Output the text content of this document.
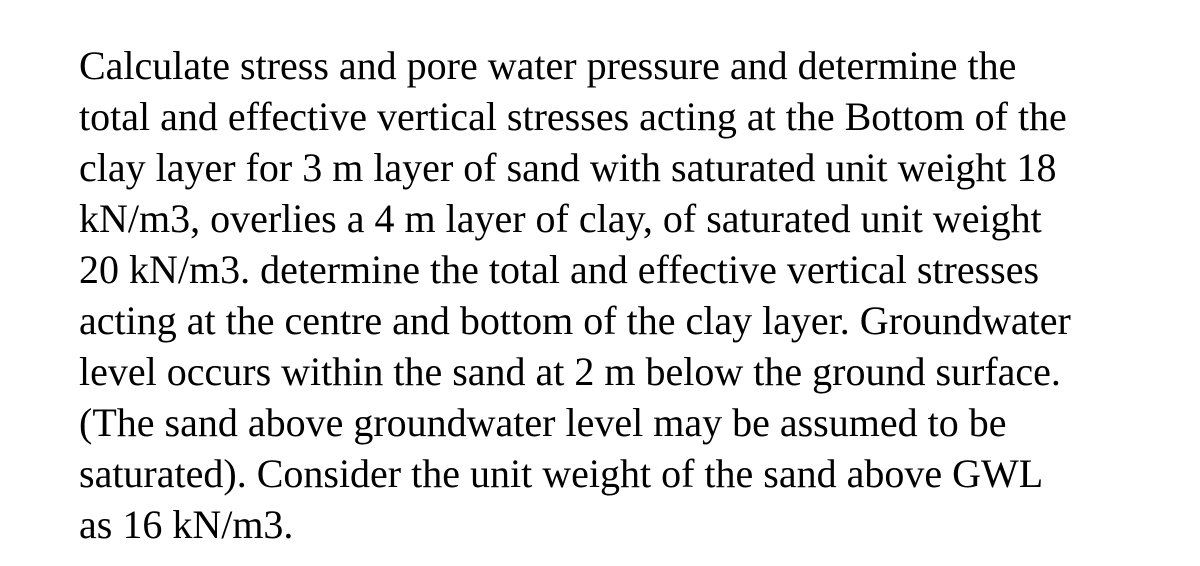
Calculate stress and pore water pressure and determine the
total and effective vertical stresses acting at the Bottom of the
clay layer for 3 m layer of sand with saturated unit weight 18
kN/m3, overlies a 4 m layer of clay, of saturated unit weight
20 kN/m3. determine the total and effective vertical stresses
acting at the centre and bottom of the clay layer. Groundwater
level occurs within the sand at 2 m below the ground surface.
(The sand above groundwater level may be assumed to be
saturated). Consider the unit weight of the sand above GWL
as 16 kN/m3.
